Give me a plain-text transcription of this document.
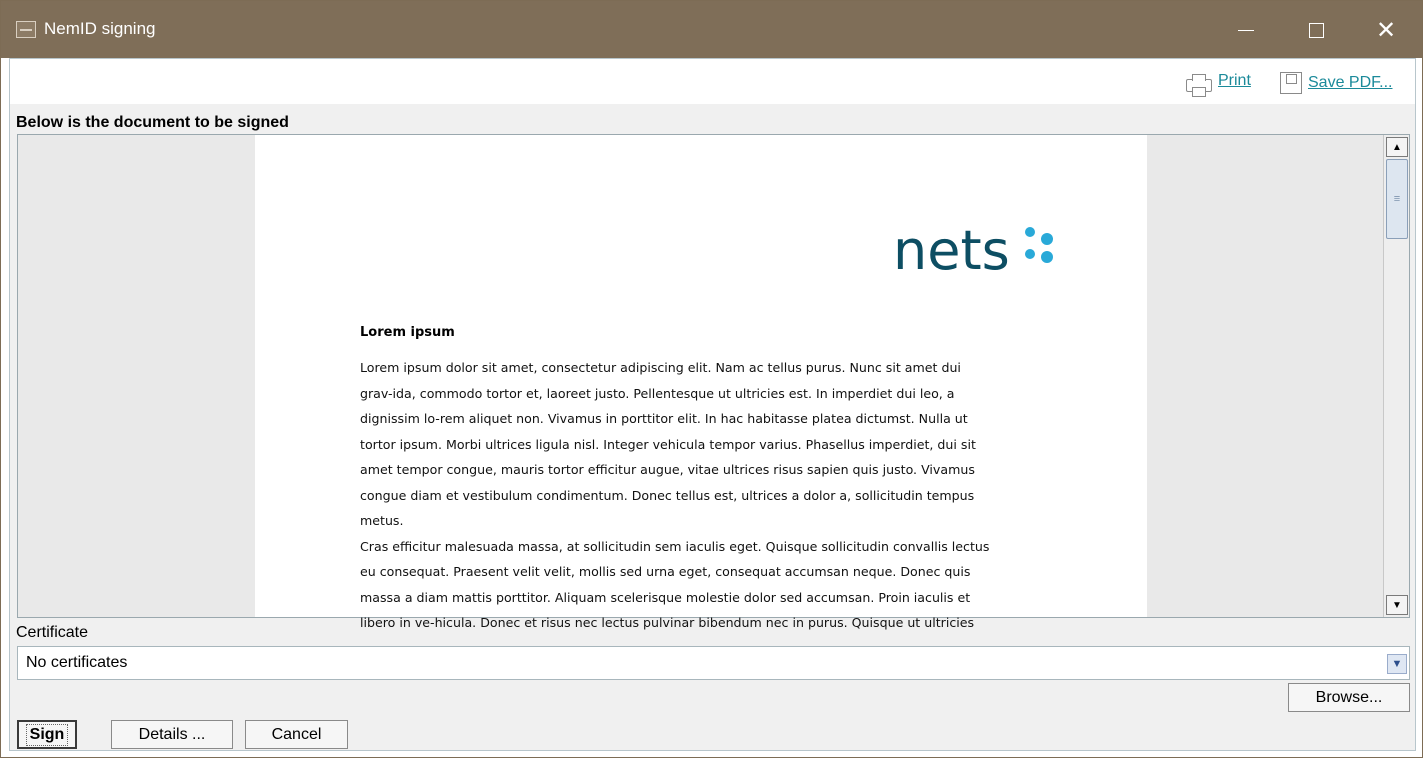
NemID signing	✕
Print	Save PDF...
Below is the document to be signed
nets
Lorem ipsum
Lorem ipsum dolor sit amet, consectetur adipiscing elit. Nam ac tellus purus. Nunc sit amet dui
grav-ida, commodo tortor et, laoreet justo. Pellentesque ut ultricies est. In imperdiet dui leo, a
dignissim lo-rem aliquet non. Vivamus in porttitor elit. In hac habitasse platea dictumst. Nulla ut
tortor ipsum. Morbi ultrices ligula nisl. Integer vehicula tempor varius. Phasellus imperdiet, dui sit
amet tempor congue, mauris tortor efficitur augue, vitae ultrices risus sapien quis justo. Vivamus
congue diam et vestibulum condimentum. Donec tellus est, ultrices a dolor a, sollicitudin tempus
metus.
Cras efficitur malesuada massa, at sollicitudin sem iaculis eget. Quisque sollicitudin convallis lectus
eu consequat. Praesent velit velit, mollis sed urna eget, consequat accumsan neque. Donec quis
massa a diam mattis porttitor. Aliquam scelerisque molestie dolor sed accumsan. Proin iaculis et
libero in ve-hicula. Donec et risus nec lectus pulvinar bibendum nec in purus. Quisque ut ultricies
▲
≡
▼
Certificate
No certificates	▼
Browse...
Sign	Details ...	Cancel
